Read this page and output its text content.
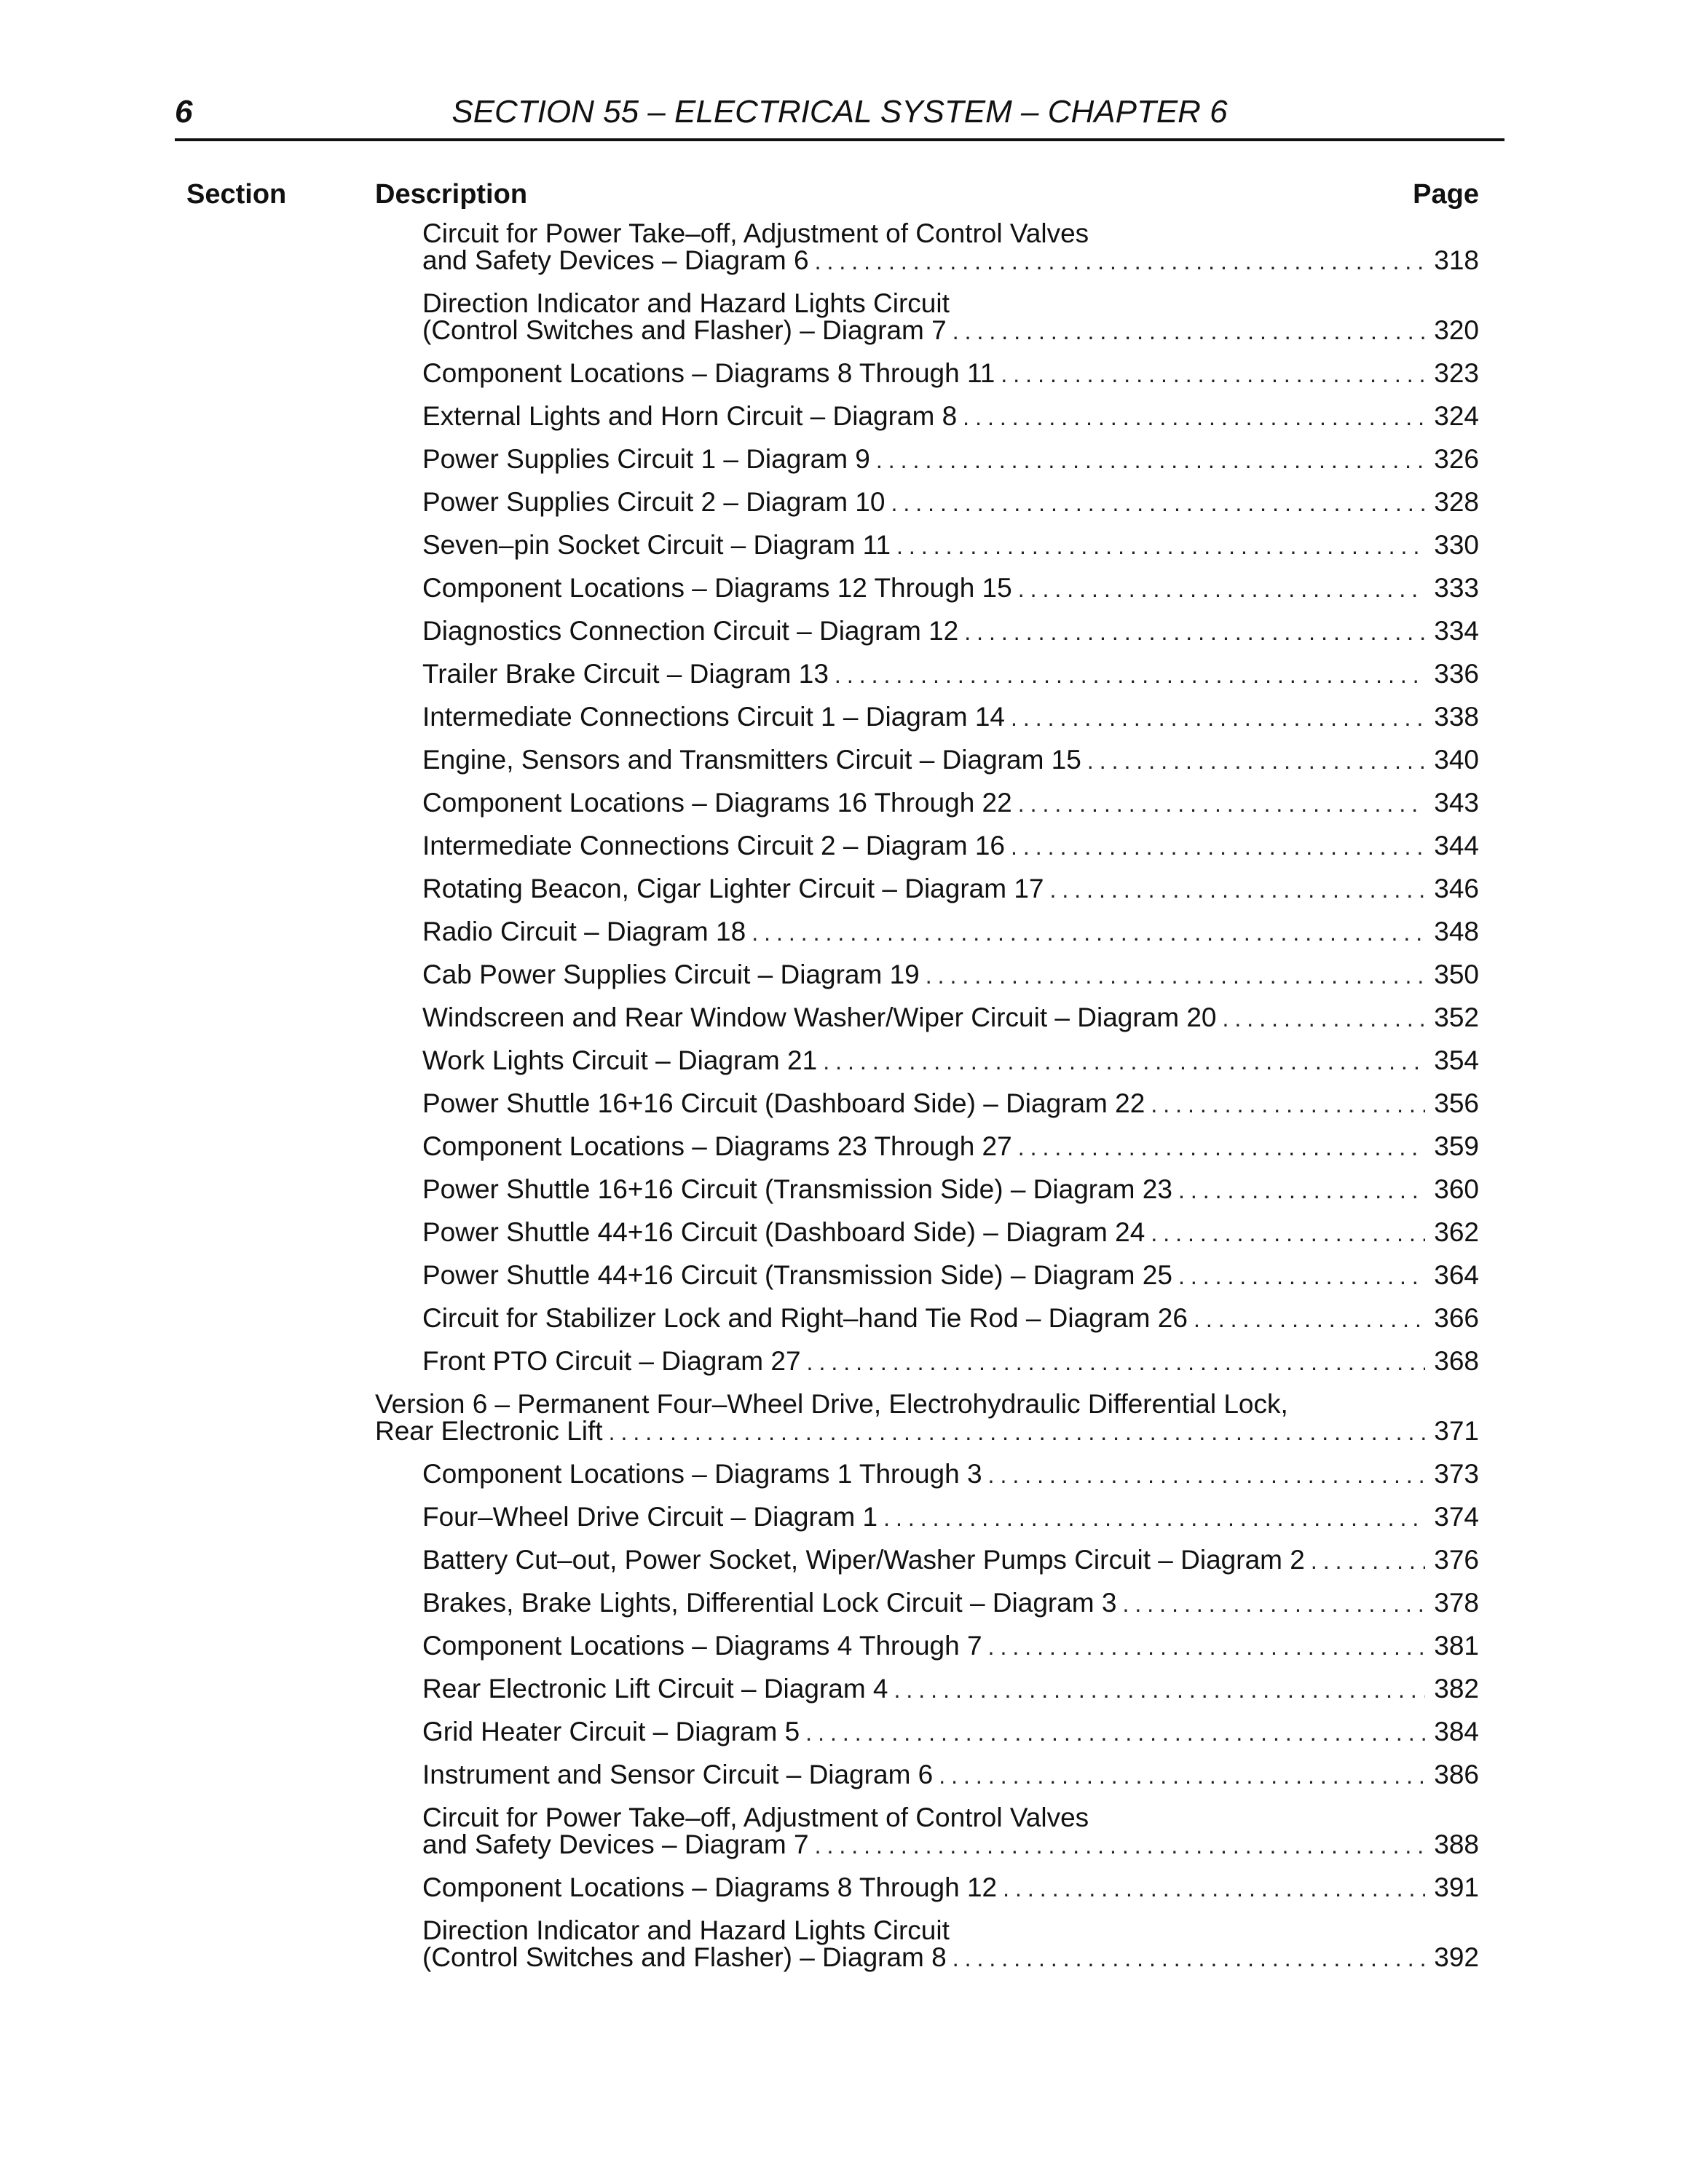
6	SECTION 55 – ELECTRICAL SYSTEM – CHAPTER 6
Section	Description	Page
Circuit for Power Take–off, Adjustment of Control Valves
and Safety Devices – Diagram 6 .....	318
Direction Indicator and Hazard Lights Circuit
(Control Switches and Flasher) – Diagram 7 .....	320
Component Locations – Diagrams 8 Through 11 .....	323
External Lights and Horn Circuit – Diagram 8 .....	324
Power Supplies Circuit 1 – Diagram 9 .....	326
Power Supplies Circuit 2 – Diagram 10 .....	328
Seven–pin Socket Circuit – Diagram 11 .....	330
Component Locations – Diagrams 12 Through 15 .....	333
Diagnostics Connection Circuit – Diagram 12 .....	334
Trailer Brake Circuit – Diagram 13 .....	336
Intermediate Connections Circuit 1 – Diagram 14 .....	338
Engine, Sensors and Transmitters Circuit – Diagram 15 .....	340
Component Locations – Diagrams 16 Through 22 .....	343
Intermediate Connections Circuit 2 – Diagram 16 .....	344
Rotating Beacon, Cigar Lighter Circuit – Diagram 17 .....	346
Radio Circuit – Diagram 18 .....	348
Cab Power Supplies Circuit – Diagram 19 .....	350
Windscreen and Rear Window Washer/Wiper Circuit – Diagram 20 .....	352
Work Lights Circuit – Diagram 21 .....	354
Power Shuttle 16+16 Circuit (Dashboard Side) – Diagram 22 .....	356
Component Locations – Diagrams 23 Through 27 .....	359
Power Shuttle 16+16 Circuit (Transmission Side) – Diagram 23 .....	360
Power Shuttle 44+16 Circuit (Dashboard Side) – Diagram 24 .....	362
Power Shuttle 44+16 Circuit (Transmission Side) – Diagram 25 .....	364
Circuit for Stabilizer Lock and Right–hand Tie Rod – Diagram 26 .....	366
Front PTO Circuit – Diagram 27 .....	368
Version 6 – Permanent Four–Wheel Drive, Electrohydraulic Differential Lock,
Rear Electronic Lift .....	371
Component Locations – Diagrams 1 Through 3 .....	373
Four–Wheel Drive Circuit – Diagram 1 .....	374
Battery Cut–out, Power Socket, Wiper/Washer Pumps Circuit – Diagram 2 .....	376
Brakes, Brake Lights, Differential Lock Circuit – Diagram 3 .....	378
Component Locations – Diagrams 4 Through 7 .....	381
Rear Electronic Lift Circuit – Diagram 4 .....	382
Grid Heater Circuit – Diagram 5 .....	384
Instrument and Sensor Circuit – Diagram 6 .....	386
Circuit for Power Take–off, Adjustment of Control Valves
and Safety Devices – Diagram 7 .....	388
Component Locations – Diagrams 8 Through 12 .....	391
Direction Indicator and Hazard Lights Circuit
(Control Switches and Flasher) – Diagram 8 .....	392
